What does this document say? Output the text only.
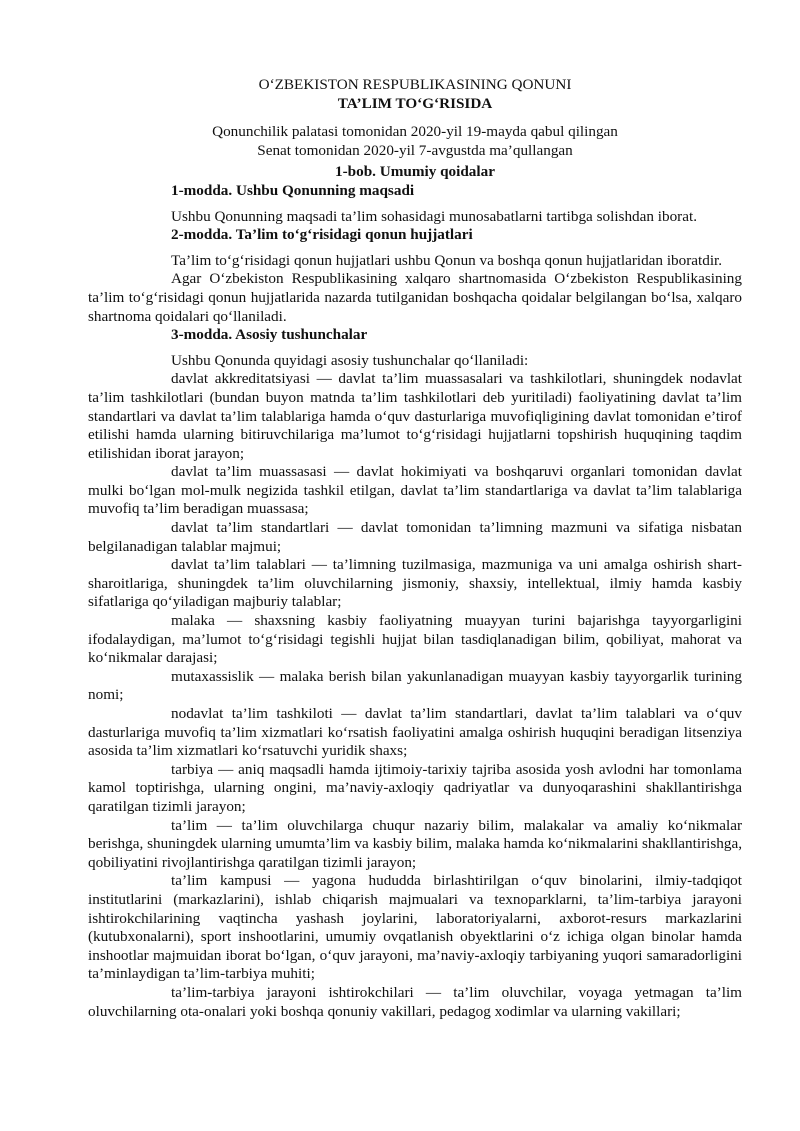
O‘ZBEKISTON RESPUBLIKASINING QONUNI
TA’LIM TO‘G‘RISIDA
Qonunchilik palatasi tomonidan 2020-yil 19-mayda qabul qilingan
Senat tomonidan 2020-yil 7-avgustda ma’qullangan
1-bob. Umumiy qoidalar
1-modda. Ushbu Qonunning maqsadi

Ushbu Qonunning maqsadi ta’lim sohasidagi munosabatlarni tartibga solishdan iborat.

2-modda. Ta’lim to‘g‘risidagi qonun hujjatlari

Ta’lim to‘g‘risidagi qonun hujjatlari ushbu Qonun va boshqa qonun hujjatlaridan iboratdir.

Agar O‘zbekiston Respublikasining xalqaro shartnomasida O‘zbekiston Respublikasining ta’lim to‘g‘risidagi qonun hujjatlarida nazarda tutilganidan boshqacha qoidalar belgilangan bo‘lsa, xalqaro shartnoma qoidalari qo‘llaniladi.

3-modda. Asosiy tushunchalar

Ushbu Qonunda quyidagi asosiy tushunchalar qo‘llaniladi:

davlat akkreditatsiyasi — davlat ta’lim muassasalari va tashkilotlari, shuningdek nodavlat ta’lim tashkilotlari (bundan buyon matnda ta’lim tashkilotlari deb yuritiladi) faoliyatining davlat ta’lim standartlari va davlat ta’lim talablariga hamda o‘quv dasturlariga muvofiqligining davlat tomonidan e’tirof etilishi hamda ularning bitiruvchilariga ma’lumot to‘g‘risidagi hujjatlarni topshirish huquqining taqdim etilishidan iborat jarayon;
davlat ta’lim muassasasi — davlat hokimiyati va boshqaruvi organlari tomonidan davlat mulki bo‘lgan mol-mulk negizida tashkil etilgan, davlat ta’lim standartlariga va davlat ta’lim talablariga muvofiq ta’lim beradigan muassasa;
davlat ta’lim standartlari — davlat tomonidan ta’limning mazmuni va sifatiga nisbatan belgilanadigan talablar majmui;
davlat ta’lim talablari — ta’limning tuzilmasiga, mazmuniga va uni amalga oshirish shart-sharoitlariga, shuningdek ta’lim oluvchilarning jismoniy, shaxsiy, intellektual, ilmiy hamda kasbiy sifatlariga qo‘yiladigan majburiy talablar;
malaka — shaxsning kasbiy faoliyatning muayyan turini bajarishga tayyorgarligini ifodalaydigan, ma’lumot to‘g‘risidagi tegishli hujjat bilan tasdiqlanadigan bilim, qobiliyat, mahorat va ko‘nikmalar darajasi;
mutaxassislik — malaka berish bilan yakunlanadigan muayyan kasbiy tayyorgarlik turining nomi;
nodavlat ta’lim tashkiloti — davlat ta’lim standartlari, davlat ta’lim talablari va o‘quv dasturlariga muvofiq ta’lim xizmatlari ko‘rsatish faoliyatini amalga oshirish huquqini beradigan litsenziya asosida ta’lim xizmatlari ko‘rsatuvchi yuridik shaxs;
tarbiya — aniq maqsadli hamda ijtimoiy-tarixiy tajriba asosida yosh avlodni har tomonlama kamol toptirishga, ularning ongini, ma’naviy-axloqiy qadriyatlar va dunyoqarashini shakllantirishga qaratilgan tizimli jarayon;
ta’lim — ta’lim oluvchilarga chuqur nazariy bilim, malakalar va amaliy ko‘nikmalar berishga, shuningdek ularning umumta’lim va kasbiy bilim, malaka hamda ko‘nikmalarini shakllantirishga, qobiliyatini rivojlantirishga qaratilgan tizimli jarayon;
ta’lim kampusi — yagona hududda birlashtirilgan o‘quv binolarini, ilmiy-tadqiqot institutlarini (markazlarini), ishlab chiqarish majmualari va texnoparklarni, ta’lim-tarbiya jarayoni ishtirokchilarining vaqtincha yashash joylarini, laboratoriyalarni, axborot-resurs markazlarini (kutubxonalarni), sport inshootlarini, umumiy ovqatlanish obyektlarini o‘z ichiga olgan binolar hamda inshootlar majmuidan iborat bo‘lgan, o‘quv jarayoni, ma’naviy-axloqiy tarbiyaning yuqori samaradorligini ta’minlaydigan ta’lim-tarbiya muhiti;
ta’lim-tarbiya jarayoni ishtirokchilari — ta’lim oluvchilar, voyaga yetmagan ta’lim oluvchilarning ota-onalari yoki boshqa qonuniy vakillari, pedagog xodimlar va ularning vakillari;
